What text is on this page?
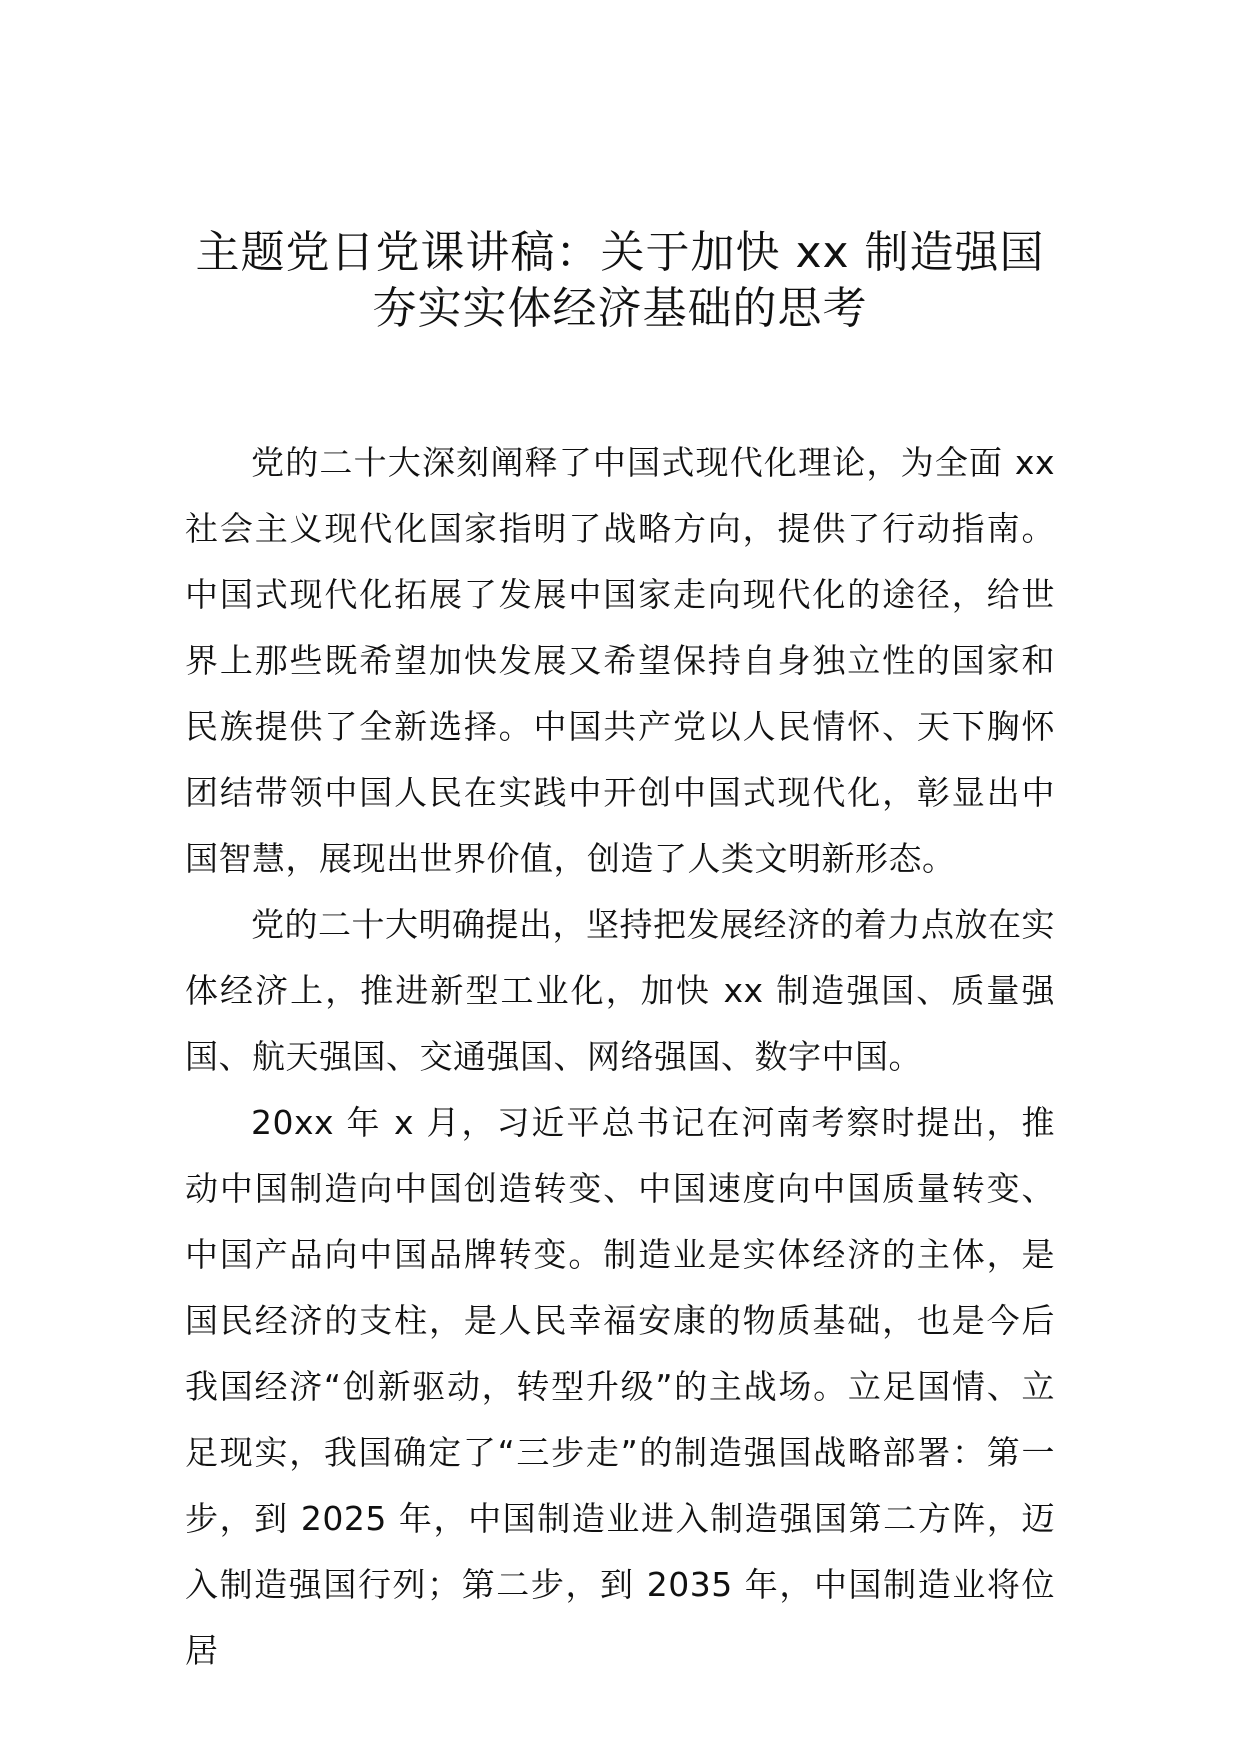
主题党日党课讲稿：关于加快 xx 制造强国
夯实实体经济基础的思考

党的二十大深刻阐释了中国式现代化理论，为全面 xx 社会主义现代化国家指明了战略方向，提供了行动指南。中国式现代化拓展了发展中国家走向现代化的途径，给世界上那些既希望加快发展又希望保持自身独立性的国家和民族提供了全新选择。中国共产党以人民情怀、天下胸怀团结带领中国人民在实践中开创中国式现代化，彰显出中国智慧，展现出世界价值，创造了人类文明新形态。

党的二十大明确提出，坚持把发展经济的着力点放在实体经济上，推进新型工业化，加快 xx 制造强国、质量强国、航天强国、交通强国、网络强国、数字中国。

20xx 年 x 月，习近平总书记在河南考察时提出，推动中国制造向中国创造转变、中国速度向中国质量转变、中国产品向中国品牌转变。制造业是实体经济的主体，是国民经济的支柱，是人民幸福安康的物质基础，也是今后我国经济“创新驱动，转型升级”的主战场。立足国情、立足现实，我国确定了“三步走”的制造强国战略部署：第一步，到 2025 年，中国制造业进入制造强国第二方阵，迈入制造强国行列；第二步，到 2035 年，中国制造业将位居
